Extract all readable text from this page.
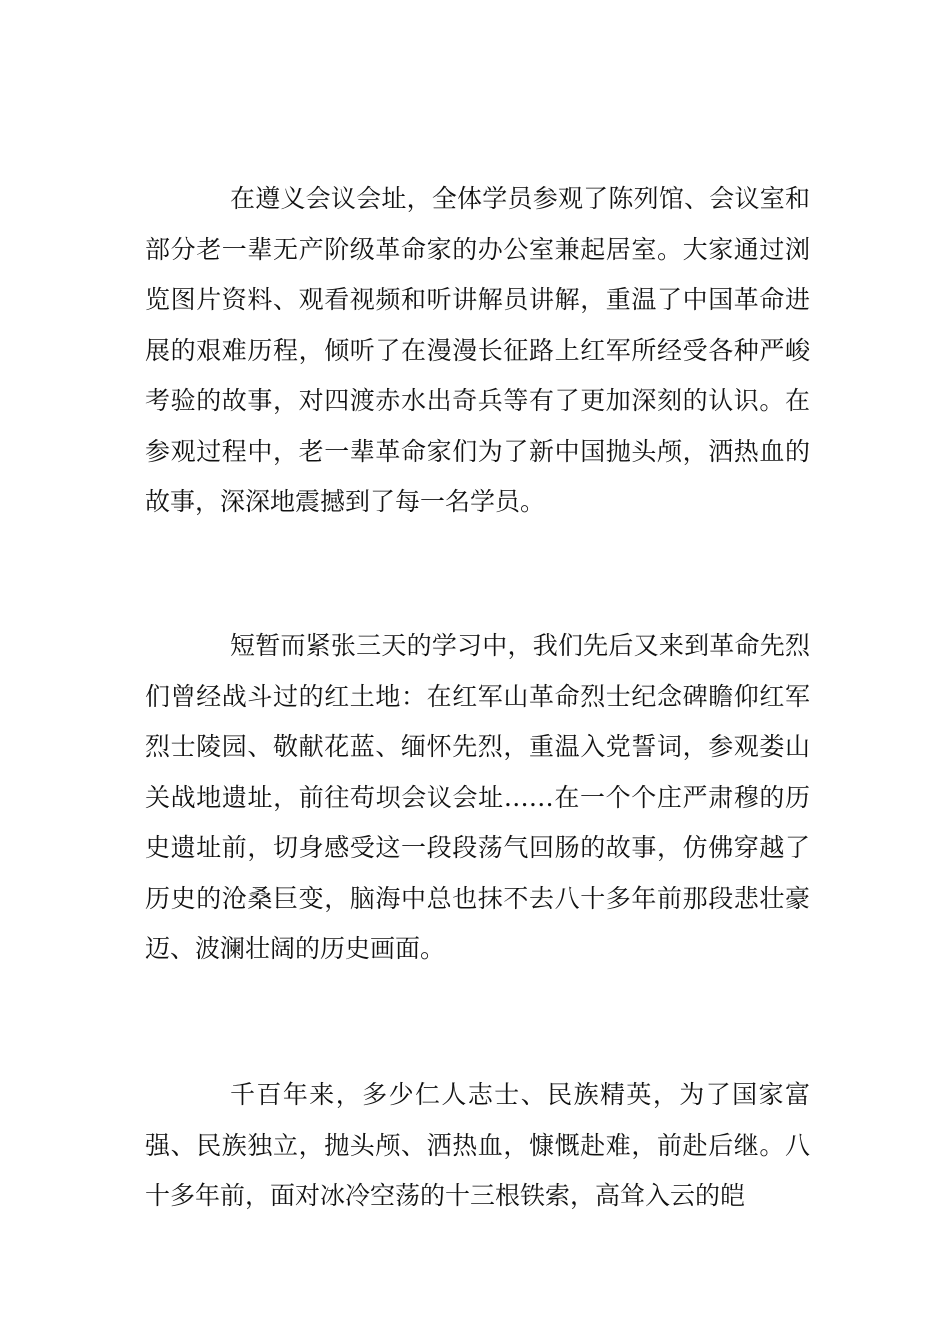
在遵义会议会址，全体学员参观了陈列馆、会议室和部分老一辈无产阶级革命家的办公室兼起居室。大家通过浏览图片资料、观看视频和听讲解员讲解，重温了中国革命进展的艰难历程，倾听了在漫漫长征路上红军所经受各种严峻考验的故事，对四渡赤水出奇兵等有了更加深刻的认识。在参观过程中，老一辈革命家们为了新中国抛头颅，洒热血的故事，深深地震撼到了每一名学员。

短暂而紧张三天的学习中，我们先后又来到革命先烈们曾经战斗过的红土地：在红军山革命烈士纪念碑瞻仰红军烈士陵园、敬献花蓝、缅怀先烈，重温入党誓词，参观娄山关战地遗址，前往苟坝会议会址……在一个个庄严肃穆的历史遗址前，切身感受这一段段荡气回肠的故事，仿佛穿越了历史的沧桑巨变，脑海中总也抹不去八十多年前那段悲壮豪迈、波澜壮阔的历史画面。

千百年来，多少仁人志士、民族精英，为了国家富强、民族独立，抛头颅、洒热血，慷慨赴难，前赴后继。八十多年前，面对冰冷空荡的十三根铁索，高耸入云的皑
